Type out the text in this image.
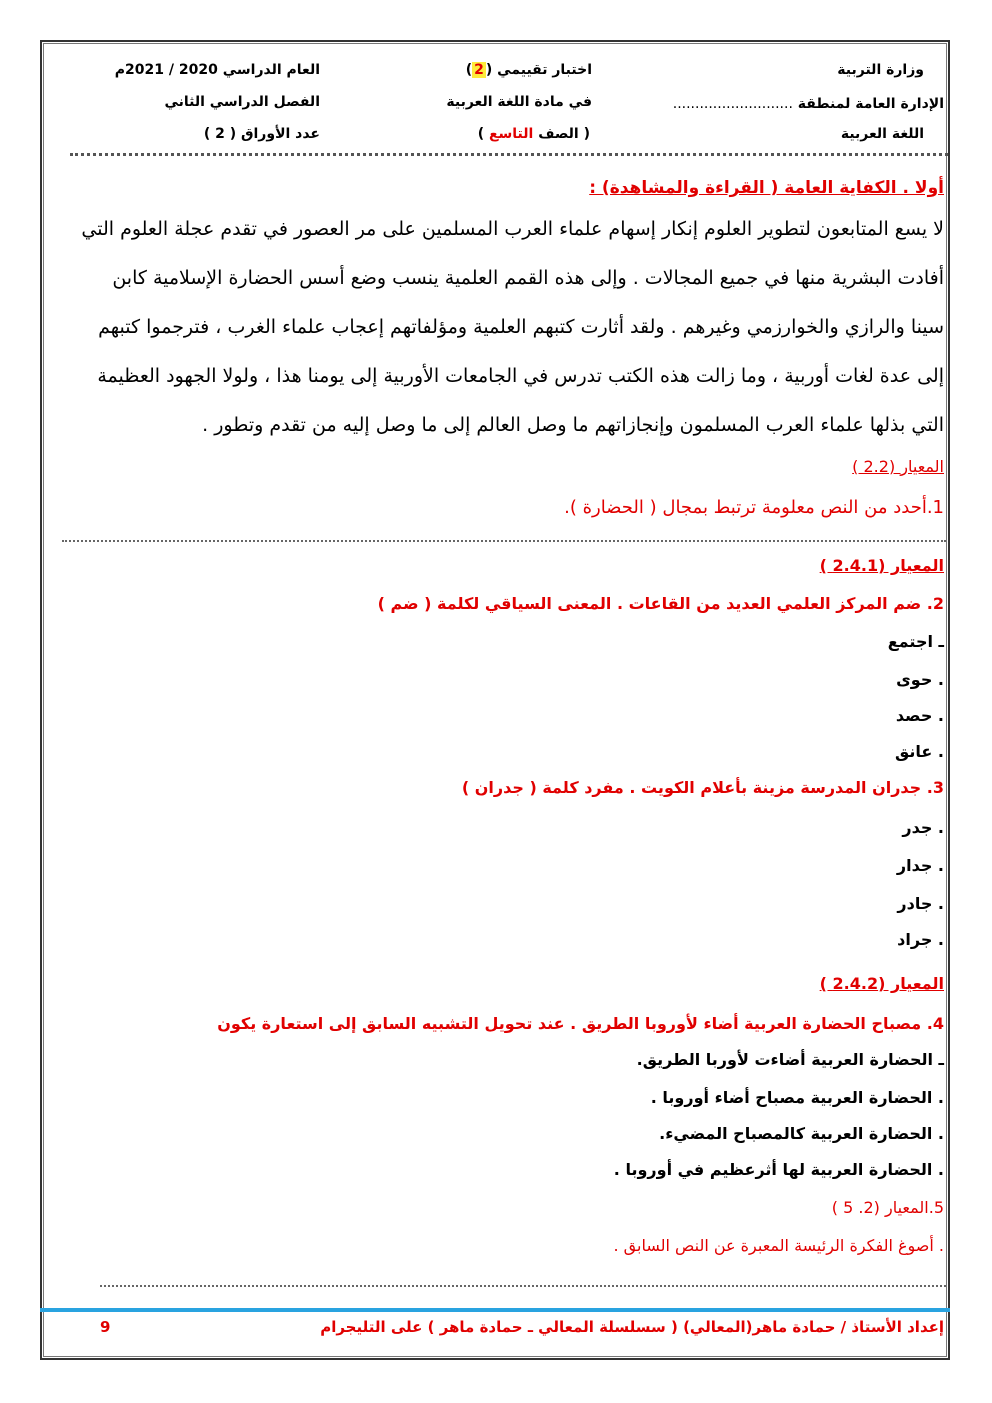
وزارة التربية
الإدارة العامة لمنطقة ...........................
اللغة العربية
اختبار تقييمي (2)
في مادة اللغة العربية
( الصف التاسع )
العام الدراسي 2020 / 2021م
الفصل الدراسي الثاني
عدد الأوراق ( 2 )
أولا . الكفاية العامة ( القراءة والمشاهدة) :
لا يسع المتابعون لتطوير العلوم إنكار إسهام علماء العرب المسلمين على مر العصور في تقدم عجلة العلوم التي
أفادت البشرية منها في جميع المجالات . وإلى هذه القمم العلمية ينسب وضع أسس الحضارة الإسلامية كابن
سينا والرازي والخوارزمي وغيرهم . ولقد أثارت كتبهم العلمية ومؤلفاتهم إعجاب علماء الغرب ، فترجموا كتبهم
إلى عدة لغات أوربية ، وما زالت هذه الكتب تدرس في الجامعات الأوربية إلى يومنا هذا ، ولولا الجهود العظيمة
التي بذلها علماء العرب المسلمون وإنجازاتهم ما وصل العالم إلى ما وصل إليه من تقدم وتطور .
المعيار (2.2 )
1.أحدد من النص معلومة ترتبط بمجال ( الحضارة ).
المعيار (2.4.1 )
2. ضم المركز العلمي العديد من القاعات . المعنى السياقي لكلمة ( ضم )
ـ اجتمع
. حوى
. حصد
. عانق
3. جدران المدرسة مزينة بأعلام الكويت . مفرد كلمة ( جدران )
. جدر
. جدار
. جادر
. جراد
المعيار (2.4.2 )
4. مصباح الحضارة العربية أضاء لأوروبا الطريق . عند تحويل التشبيه السابق إلى استعارة يكون
ـ الحضارة العربية أضاءت لأوربا الطريق.
. الحضارة العربية مصباح أضاء أوروبا .
. الحضارة العربية كالمصباح المضيء.
. الحضارة العربية لها أثرعظيم في أوروبا .
5.المعيار (2. 5 )
. أصوغ الفكرة الرئيسة المعبرة عن النص السابق .
إعداد الأستاذ / حمادة ماهر(المعالي) ( سسلسلة المعالي ـ حمادة ماهر ) على التليجرام
9
